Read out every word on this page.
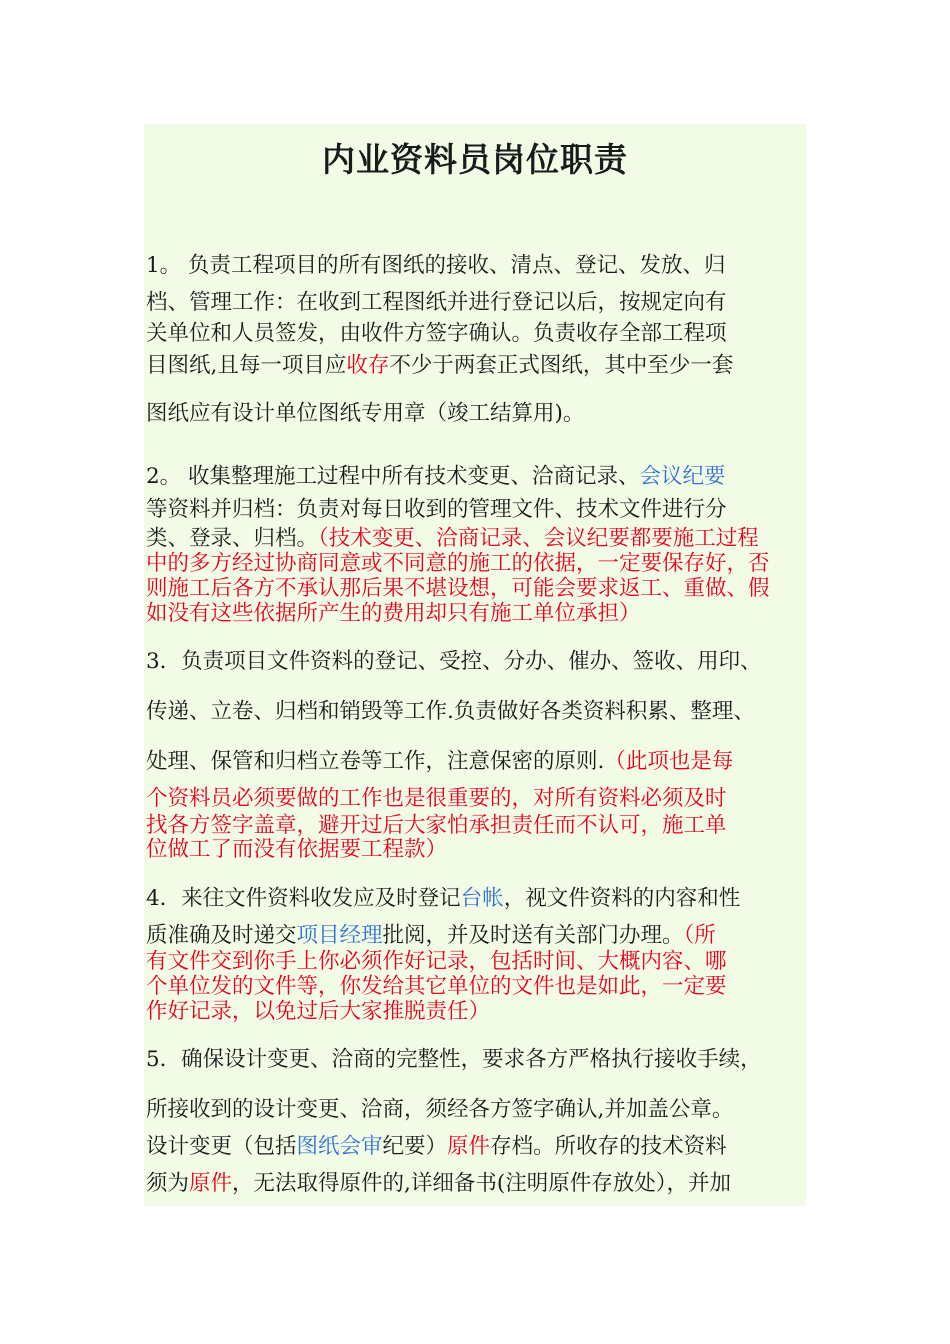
内业资料员岗位职责
1。 负责工程项目的所有图纸的接收、清点、登记、发放、归
档、管理工作：在收到工程图纸并进行登记以后，按规定向有
关单位和人员签发，由收件方签字确认。负责收存全部工程项
目图纸,且每一项目应收存不少于两套正式图纸，其中至少一套
图纸应有设计单位图纸专用章（竣工结算用)。
2。 收集整理施工过程中所有技术变更、洽商记录、会议纪要
等资料并归档：负责对每日收到的管理文件、技术文件进行分
类、登录、归档。（技术变更、洽商记录、会议纪要都要施工过程
中的多方经过协商同意或不同意的施工的依据，一定要保存好，否
则施工后各方不承认那后果不堪设想，可能会要求返工、重做、假
如没有这些依据所产生的费用却只有施工单位承担）
3．负责项目文件资料的登记、受控、分办、催办、签收、用印、
传递、立卷、归档和销毁等工作.负责做好各类资料积累、整理、
处理、保管和归档立卷等工作，注意保密的原则.（此项也是每
个资料员必须要做的工作也是很重要的，对所有资料必须及时
找各方签字盖章，避开过后大家怕承担责任而不认可，施工单
位做工了而没有依据要工程款）
4．来往文件资料收发应及时登记台帐，视文件资料的内容和性
质准确及时递交项目经理批阅，并及时送有关部门办理。（所
有文件交到你手上你必须作好记录，包括时间、大概内容、哪
个单位发的文件等，你发给其它单位的文件也是如此，一定要
作好记录，以免过后大家推脱责任）
5．确保设计变更、洽商的完整性，要求各方严格执行接收手续，
所接收到的设计变更、洽商，须经各方签字确认,并加盖公章。
设计变更（包括图纸会审纪要）原件存档。所收存的技术资料
须为原件，无法取得原件的,详细备书(注明原件存放处），并加
